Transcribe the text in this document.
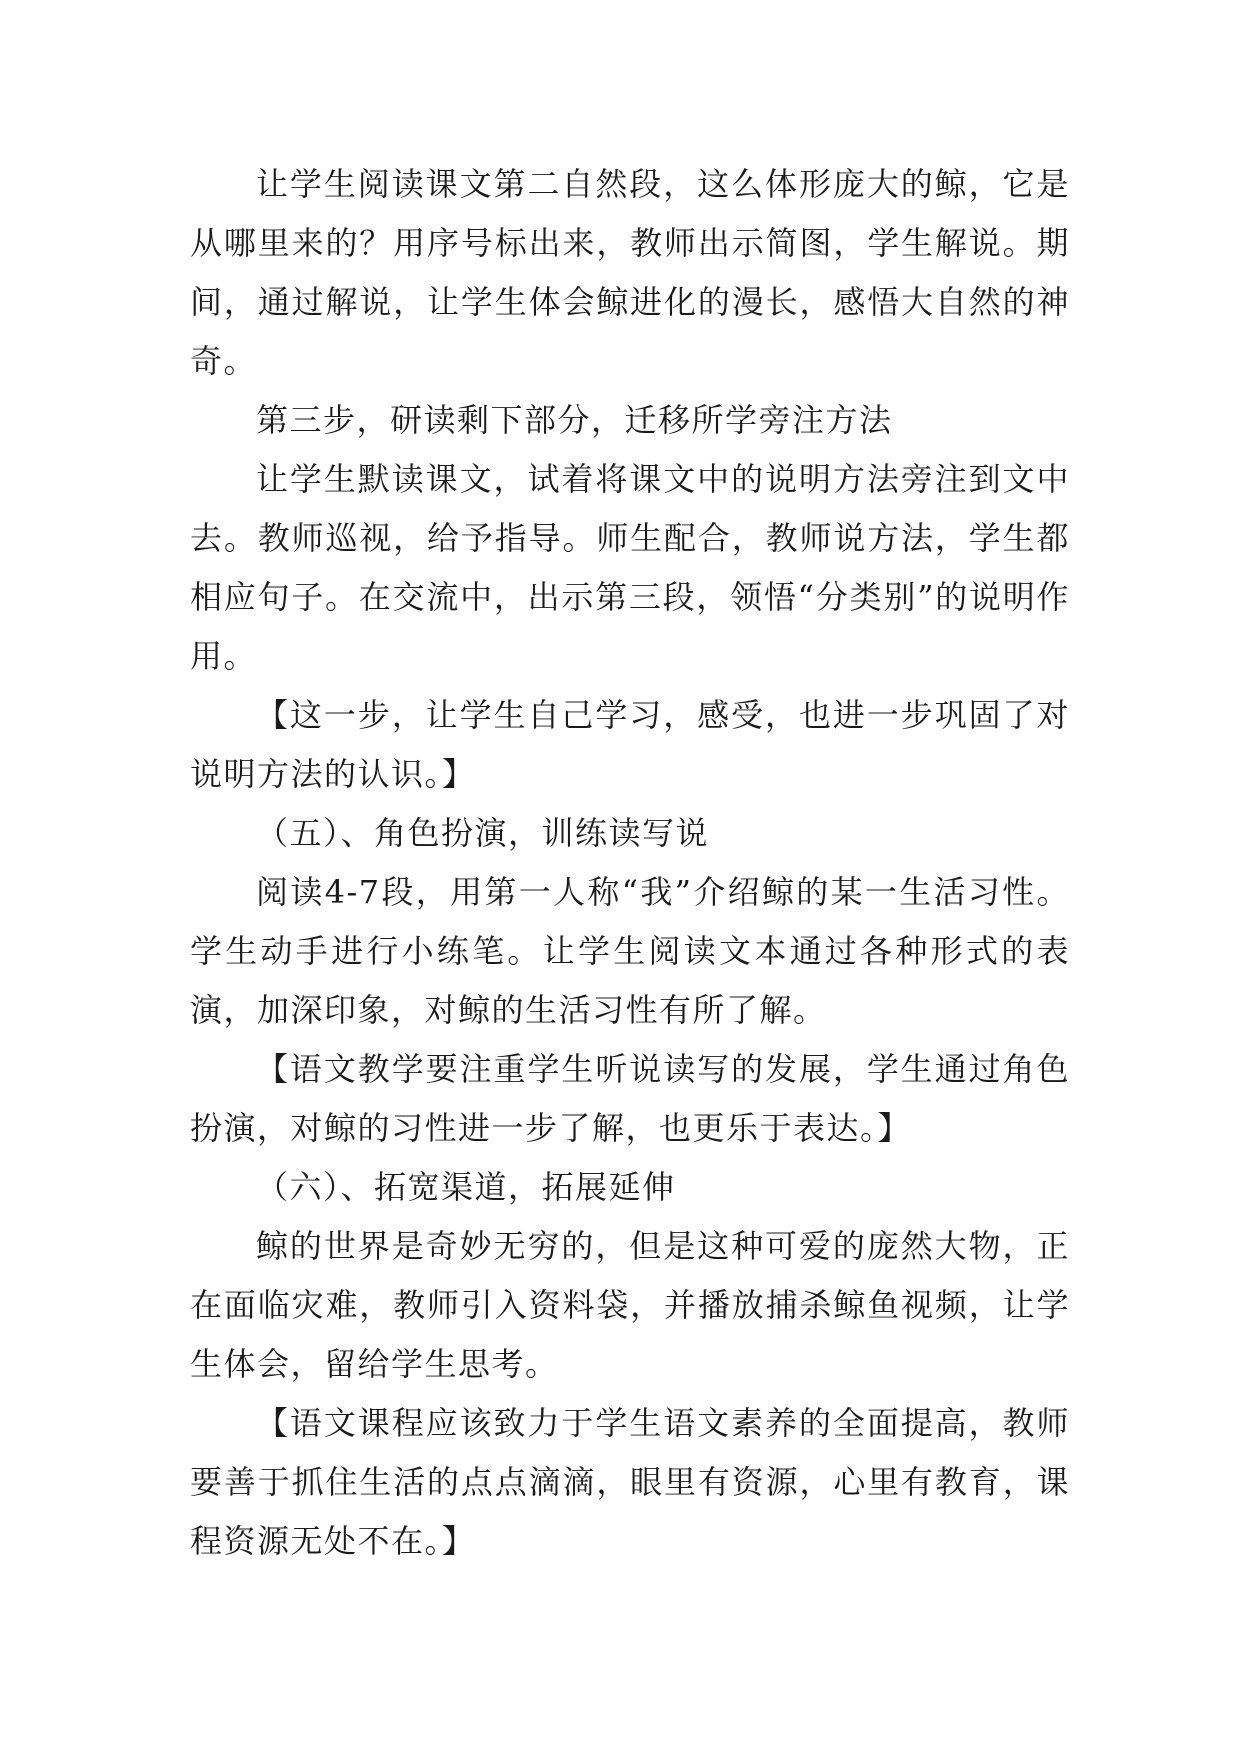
让学生阅读课文第二自然段，这么体形庞大的鲸，它是从哪里来的？用序号标出来，教师出示简图，学生解说。期间，通过解说，让学生体会鲸进化的漫长，感悟大自然的神奇。

第三步，研读剩下部分，迁移所学旁注方法

让学生默读课文，试着将课文中的说明方法旁注到文中去。教师巡视，给予指导。师生配合，教师说方法，学生都相应句子。在交流中，出示第三段，领悟“分类别”的说明作用。

【这一步，让学生自己学习，感受，也进一步巩固了对说明方法的认识。】

（五）、角色扮演，训练读写说

阅读4-7段，用第一人称“我”介绍鲸的某一生活习性。学生动手进行小练笔。让学生阅读文本通过各种形式的表演，加深印象，对鲸的生活习性有所了解。

【语文教学要注重学生听说读写的发展，学生通过角色扮演，对鲸的习性进一步了解，也更乐于表达。】

（六）、拓宽渠道，拓展延伸

鲸的世界是奇妙无穷的，但是这种可爱的庞然大物，正在面临灾难，教师引入资料袋，并播放捕杀鲸鱼视频，让学生体会，留给学生思考。

【语文课程应该致力于学生语文素养的全面提高，教师要善于抓住生活的点点滴滴，眼里有资源，心里有教育，课程资源无处不在。】
